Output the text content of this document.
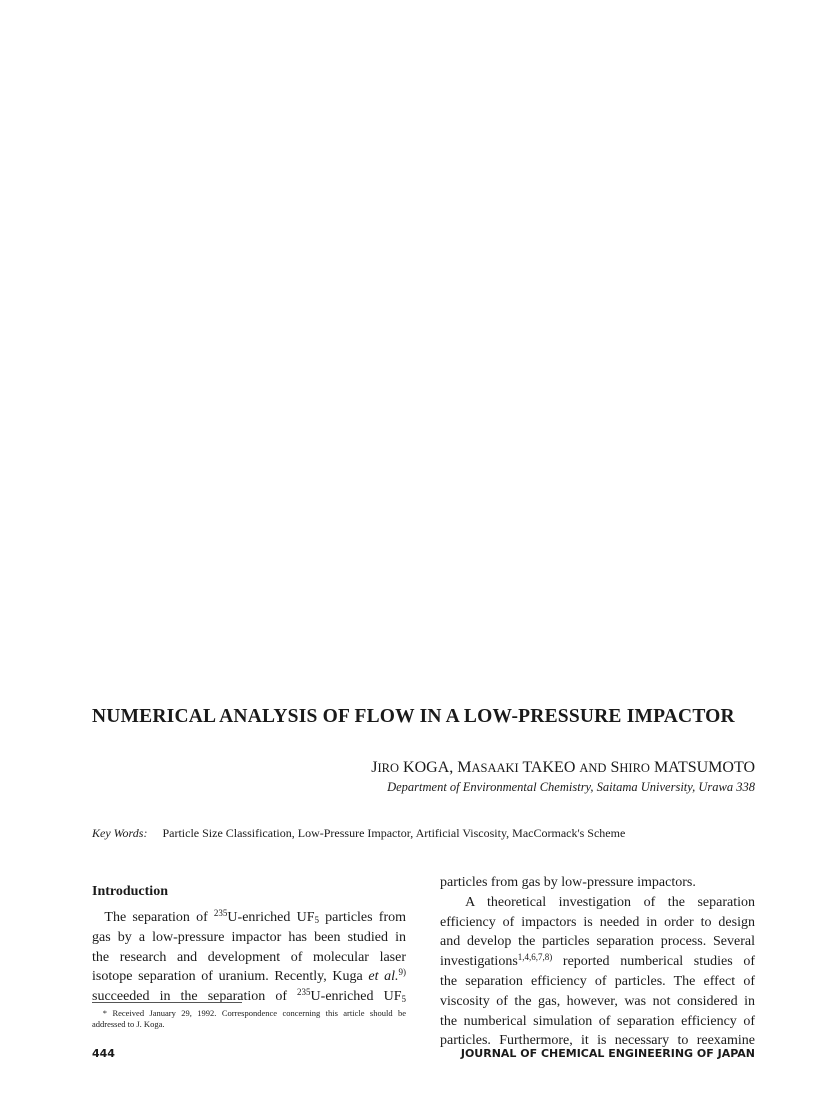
NUMERICAL ANALYSIS OF FLOW IN A LOW-PRESSURE IMPACTOR
JIRO KOGA, MASAAKI TAKEO AND SHIRO MATSUMOTO
Department of Environmental Chemistry, Saitama University, Urawa 338
Key Words: Particle Size Classification, Low-Pressure Impactor, Artificial Viscosity, MacCormack's Scheme
Introduction
The separation of $^{235}$U-enriched $UF_5$ particles from
gas by a low-pressure impactor has been studied in
the research and development of molecular laser
isotope separation of uranium. Recently, Kuga et al.$^{9)}$
succeeded in the separation of $^{235}$U-enriched $UF_5$
* Received January 29, 1992. Correspondence concerning this article should be
addressed to J. Koga.
particles from gas by low-pressure impactors.
A theoretical investigation of the separation
efficiency of impactors is needed in order to design
and develop the particles separation process. Several
investigations$^{1,4,6,7,8)}$ reported numberical studies of
the separation efficiency of particles. The effect of
viscosity of the gas, however, was not considered in
the numberical simulation of separation efficiency of
particles. Furthermore, it is necessary to reexamine
444	JOURNAL OF CHEMICAL ENGINEERING OF JAPAN
